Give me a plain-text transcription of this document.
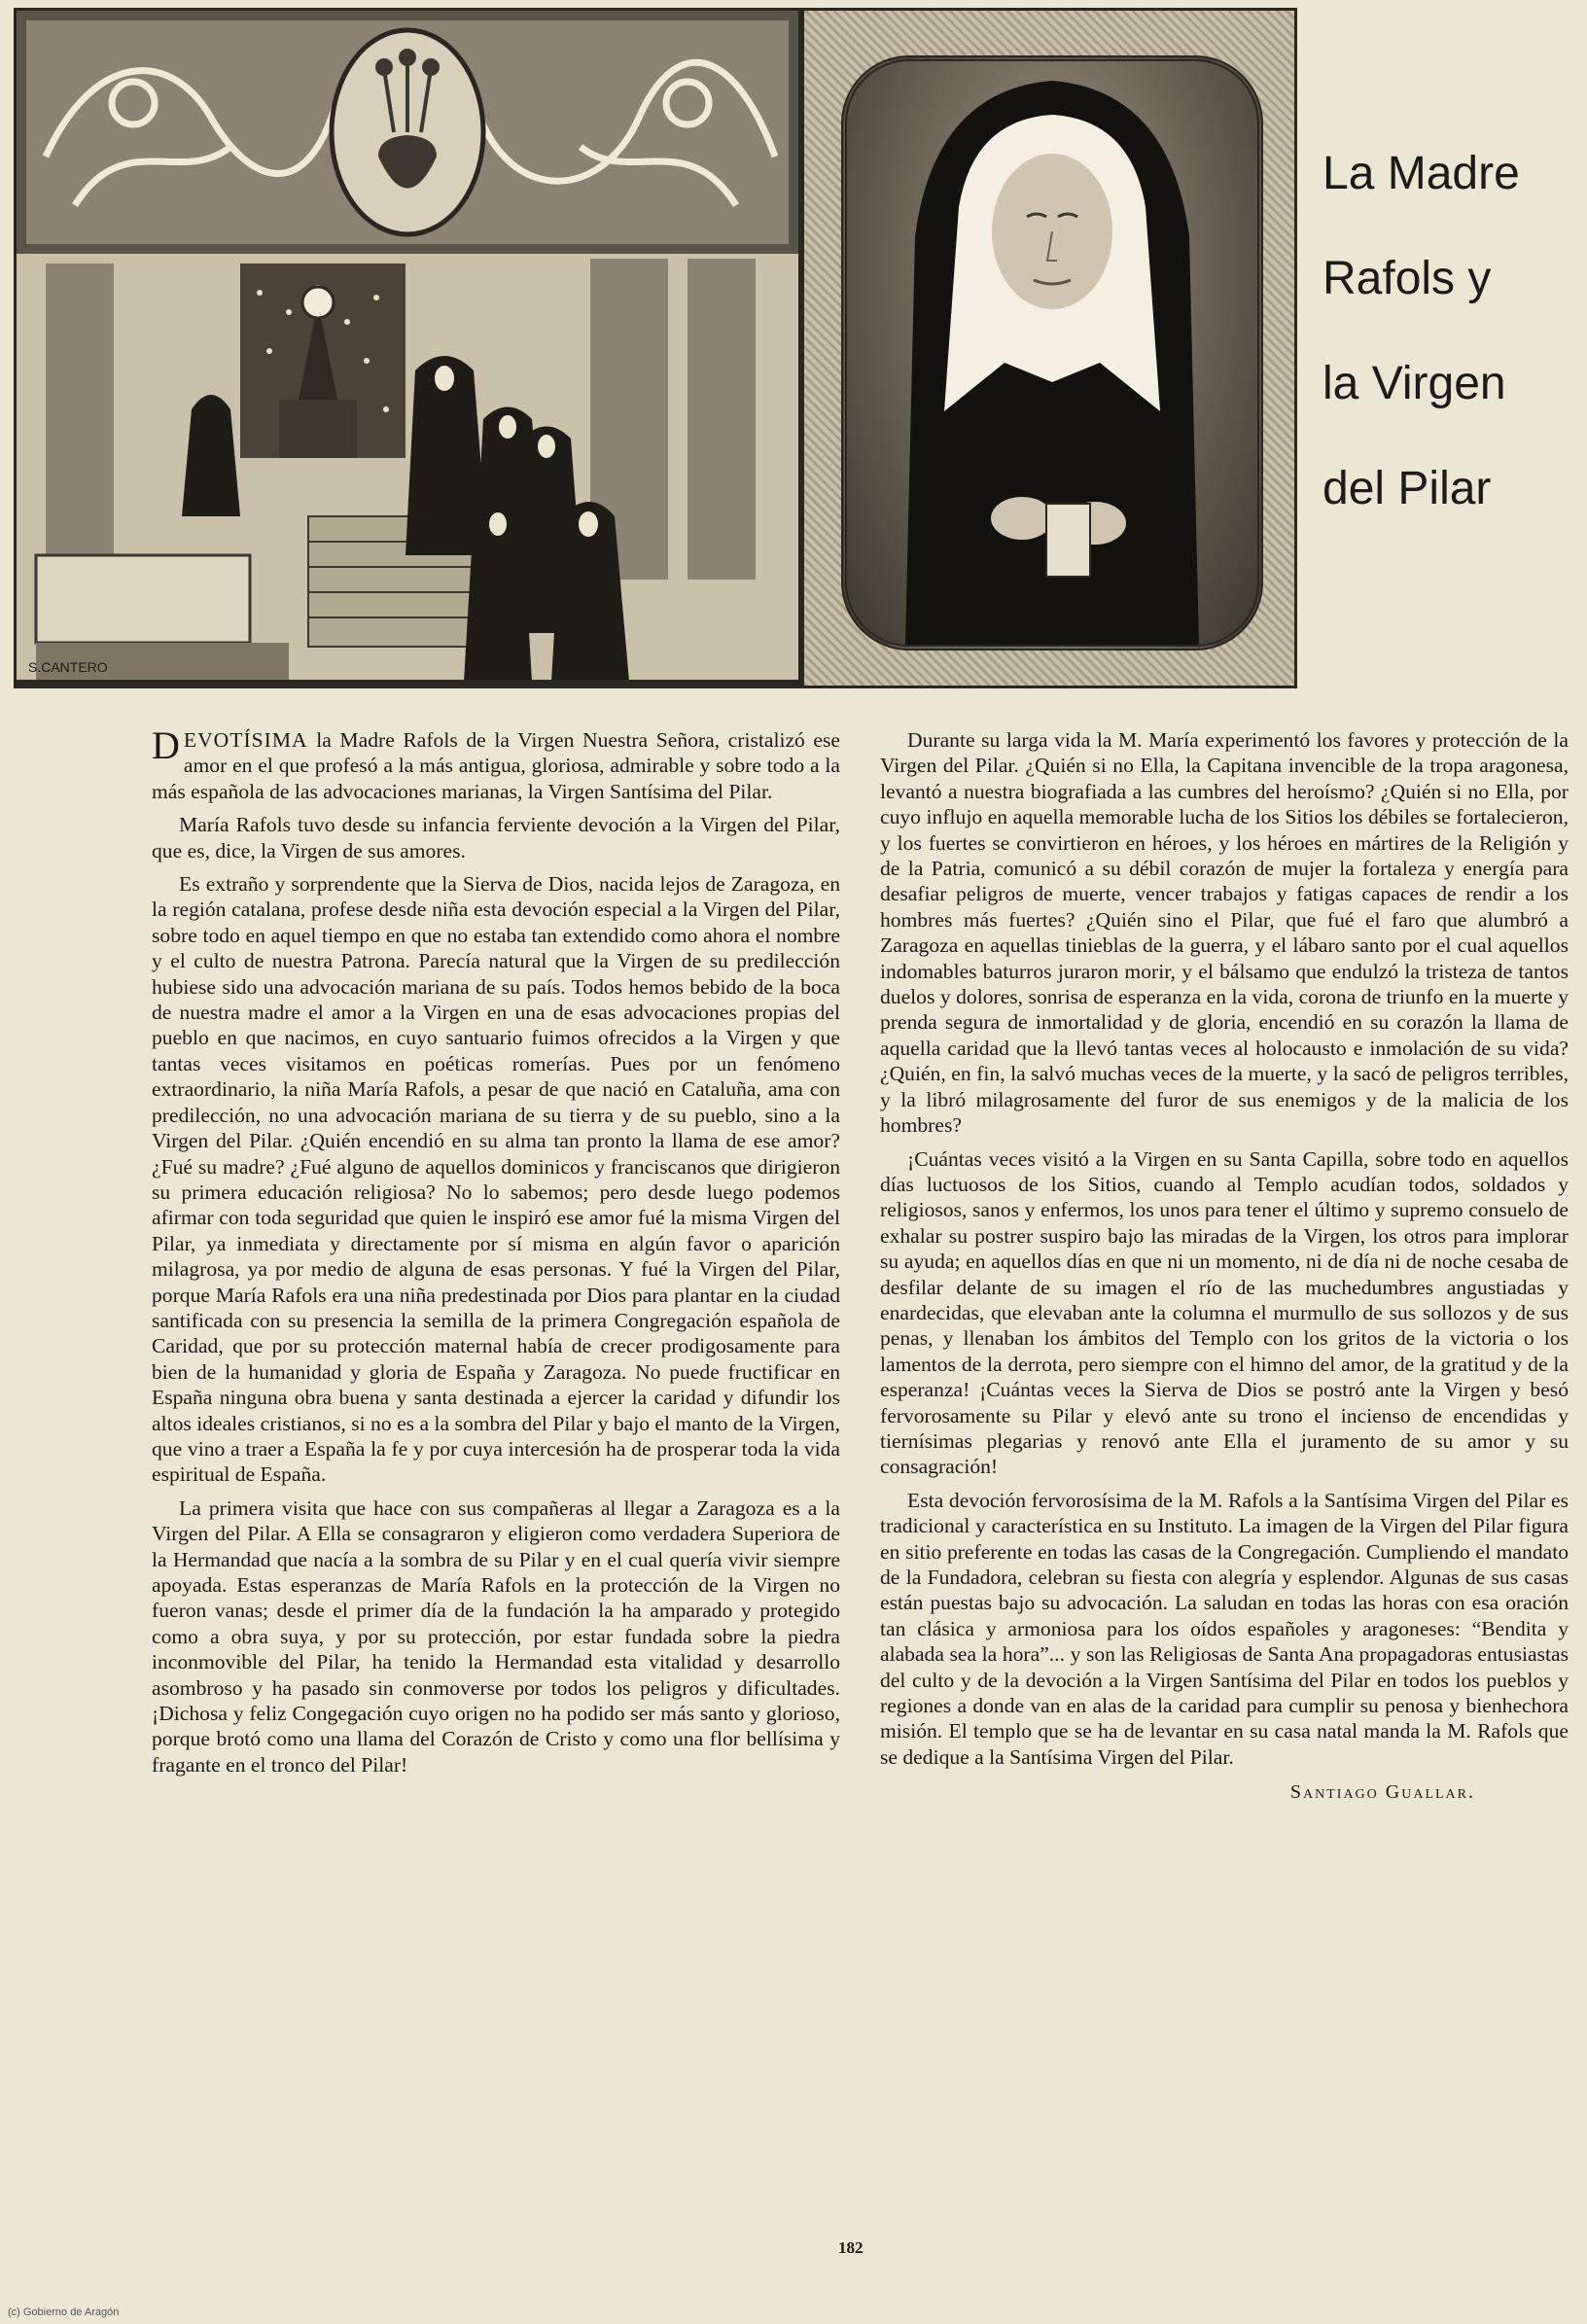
S.CANTERO
La Madre
Rafols y
la Virgen
del Pilar

DEVOTÍSIMA la Madre Rafols de la Virgen Nuestra Señora, cristalizó ese amor en el que profesó a la más antigua, gloriosa, admirable y sobre todo a la más española de las advocaciones marianas, la Virgen Santísima del Pilar.

María Rafols tuvo desde su infancia ferviente devoción a la Virgen del Pilar, que es, dice, la Virgen de sus amores.

Es extraño y sorprendente que la Sierva de Dios, nacida lejos de Zaragoza, en la región catalana, profese desde niña esta devoción especial a la Virgen del Pilar, sobre todo en aquel tiempo en que no estaba tan extendido como ahora el nombre y el culto de nuestra Patrona. Parecía natural que la Virgen de su predilección hubiese sido una advocación mariana de su país. Todos hemos bebido de la boca de nuestra madre el amor a la Virgen en una de esas advocaciones propias del pueblo en que nacimos, en cuyo santuario fuimos ofrecidos a la Virgen y que tantas veces visitamos en poéticas romerías. Pues por un fenómeno extraordinario, la niña María Rafols, a pesar de que nació en Cataluña, ama con predilección, no una advocación mariana de su tierra y de su pueblo, sino a la Virgen del Pilar. ¿Quién encendió en su alma tan pronto la llama de ese amor? ¿Fué su madre? ¿Fué alguno de aquellos dominicos y franciscanos que dirigieron su primera educación religiosa? No lo sabemos; pero desde luego podemos afirmar con toda seguridad que quien le inspiró ese amor fué la misma Virgen del Pilar, ya inmediata y directamente por sí misma en algún favor o aparición milagrosa, ya por medio de alguna de esas personas. Y fué la Virgen del Pilar, porque María Rafols era una niña predestinada por Dios para plantar en la ciudad santificada con su presencia la semilla de la primera Congregación española de Caridad, que por su protección maternal había de crecer prodigosamente para bien de la humanidad y gloria de España y Zaragoza. No puede fructificar en España ninguna obra buena y santa destinada a ejercer la caridad y difundir los altos ideales cristianos, si no es a la sombra del Pilar y bajo el manto de la Virgen, que vino a traer a España la fe y por cuya intercesión ha de prosperar toda la vida espiritual de España.

La primera visita que hace con sus compañeras al llegar a Zaragoza es a la Virgen del Pilar. A Ella se consagraron y eligieron como verdadera Superiora de la Hermandad que nacía a la sombra de su Pilar y en el cual quería vivir siempre apoyada. Estas esperanzas de María Rafols en la protección de la Virgen no fueron vanas; desde el primer día de la fundación la ha amparado y protegido como a obra suya, y por su protección, por estar fundada sobre la piedra inconmovible del Pilar, ha tenido la Hermandad esta vitalidad y desarrollo asombroso y ha pasado sin conmoverse por todos los peligros y dificultades. ¡Dichosa y feliz Congegación cuyo origen no ha podido ser más santo y glorioso, porque brotó como una llama del Corazón de Cristo y como una flor bellísima y fragante en el tronco del Pilar!

Durante su larga vida la M. María experimentó los favores y protección de la Virgen del Pilar. ¿Quién si no Ella, la Capitana invencible de la tropa aragonesa, levantó a nuestra biografiada a las cumbres del heroísmo? ¿Quién si no Ella, por cuyo influjo en aquella memorable lucha de los Sitios los débiles se fortalecieron, y los fuertes se convirtieron en héroes, y los héroes en mártires de la Religión y de la Patria, comunicó a su débil corazón de mujer la fortaleza y energía para desafiar peligros de muerte, vencer trabajos y fatigas capaces de rendir a los hombres más fuertes? ¿Quién sino el Pilar, que fué el faro que alumbró a Zaragoza en aquellas tinieblas de la guerra, y el lábaro santo por el cual aquellos indomables baturros juraron morir, y el bálsamo que endulzó la tristeza de tantos duelos y dolores, sonrisa de esperanza en la vida, corona de triunfo en la muerte y prenda segura de inmortalidad y de gloria, encendió en su corazón la llama de aquella caridad que la llevó tantas veces al holocausto e inmolación de su vida? ¿Quién, en fin, la salvó muchas veces de la muerte, y la sacó de peligros terribles, y la libró milagrosamente del furor de sus enemigos y de la malicia de los hombres?

¡Cuántas veces visitó a la Virgen en su Santa Capilla, sobre todo en aquellos días luctuosos de los Sitios, cuando al Templo acudían todos, soldados y religiosos, sanos y enfermos, los unos para tener el último y supremo consuelo de exhalar su postrer suspiro bajo las miradas de la Virgen, los otros para implorar su ayuda; en aquellos días en que ni un momento, ni de día ni de noche cesaba de desfilar delante de su imagen el río de las muchedumbres angustiadas y enardecidas, que elevaban ante la columna el murmullo de sus sollozos y de sus penas, y llenaban los ámbitos del Templo con los gritos de la victoria o los lamentos de la derrota, pero siempre con el himno del amor, de la gratitud y de la esperanza! ¡Cuántas veces la Sierva de Dios se postró ante la Virgen y besó fervorosamente su Pilar y elevó ante su trono el incienso de encendidas y tiernísimas plegarias y renovó ante Ella el juramento de su amor y su consagración!

Esta devoción fervorosísima de la M. Rafols a la Santísima Virgen del Pilar es tradicional y característica en su Instituto. La imagen de la Virgen del Pilar figura en sitio preferente en todas las casas de la Congregación. Cumpliendo el mandato de la Fundadora, celebran su fiesta con alegría y esplendor. Algunas de sus casas están puestas bajo su advocación. La saludan en todas las horas con esa oración tan clásica y armoniosa para los oídos españoles y aragoneses: “Bendita y alabada sea la hora”... y son las Religiosas de Santa Ana propagadoras entusiastas del culto y de la devoción a la Virgen Santísima del Pilar en todos los pueblos y regiones a donde van en alas de la caridad para cumplir su penosa y bienhechora misión. El templo que se ha de levantar en su casa natal manda la M. Rafols que se dedique a la Santísima Virgen del Pilar.

Santiago Guallar.
182
(c) Gobierno de Aragón
